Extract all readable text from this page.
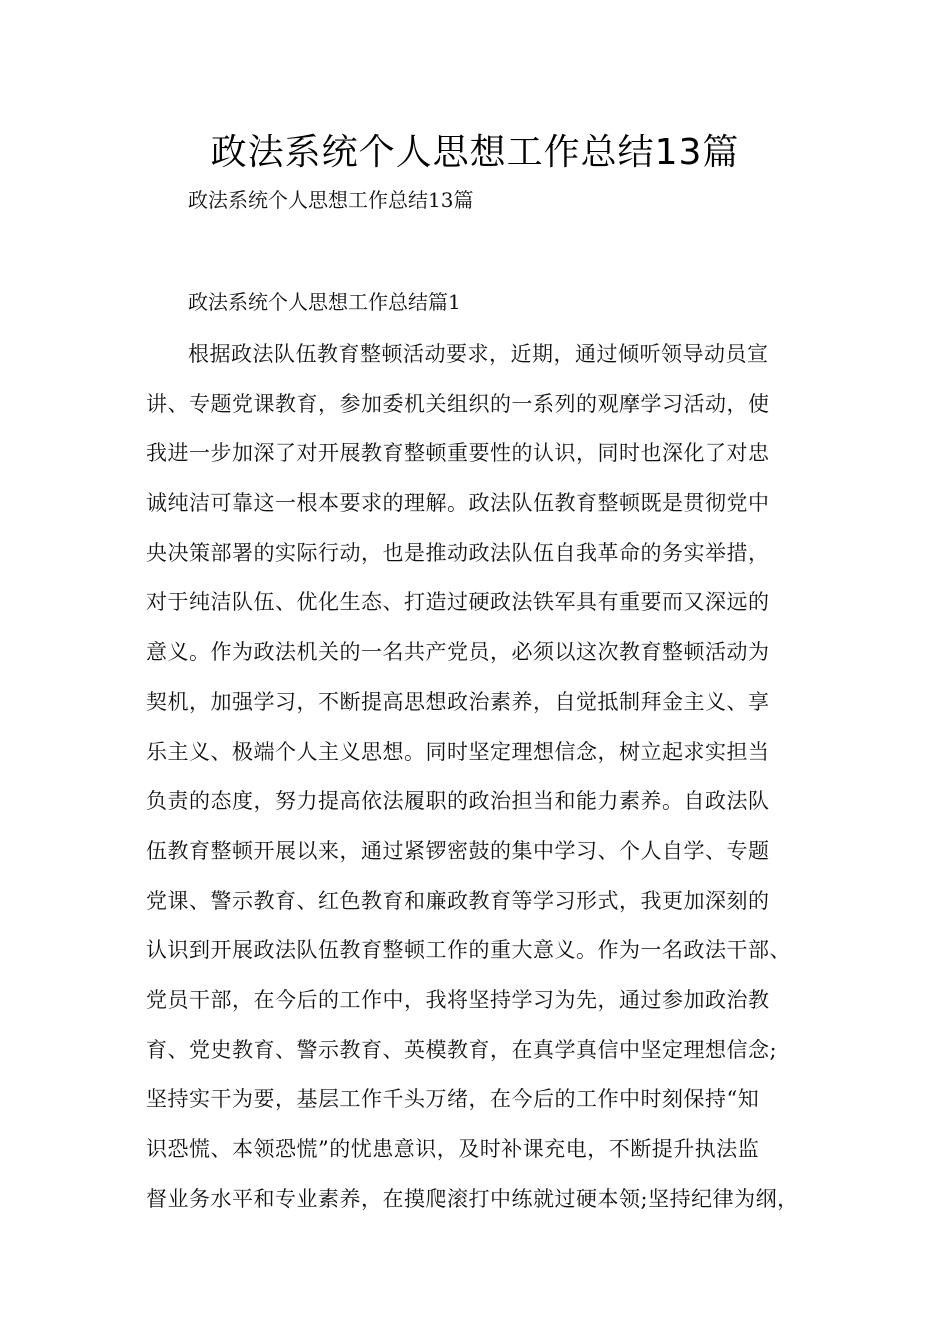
政法系统个人思想工作总结13篇
政法系统个人思想工作总结13篇
政法系统个人思想工作总结篇1
根据政法队伍教育整顿活动要求，近期，通过倾听领导动员宣
讲、专题党课教育，参加委机关组织的一系列的观摩学习活动，使
我进一步加深了对开展教育整顿重要性的认识，同时也深化了对忠
诚纯洁可靠这一根本要求的理解。政法队伍教育整顿既是贯彻党中
央决策部署的实际行动，也是推动政法队伍自我革命的务实举措，
对于纯洁队伍、优化生态、打造过硬政法铁军具有重要而又深远的
意义。作为政法机关的一名共产党员，必须以这次教育整顿活动为
契机，加强学习，不断提高思想政治素养，自觉抵制拜金主义、享
乐主义、极端个人主义思想。同时坚定理想信念，树立起求实担当
负责的态度，努力提高依法履职的政治担当和能力素养。自政法队
伍教育整顿开展以来，通过紧锣密鼓的集中学习、个人自学、专题
党课、警示教育、红色教育和廉政教育等学习形式，我更加深刻的
认识到开展政法队伍教育整顿工作的重大意义。作为一名政法干部、
党员干部，在今后的工作中，我将坚持学习为先，通过参加政治教
育、党史教育、警示教育、英模教育，在真学真信中坚定理想信念;
坚持实干为要，基层工作千头万绪，在今后的工作中时刻保持“知
识恐慌、本领恐慌”的忧患意识，及时补课充电，不断提升执法监
督业务水平和专业素养，在摸爬滚打中练就过硬本领;坚持纪律为纲，
